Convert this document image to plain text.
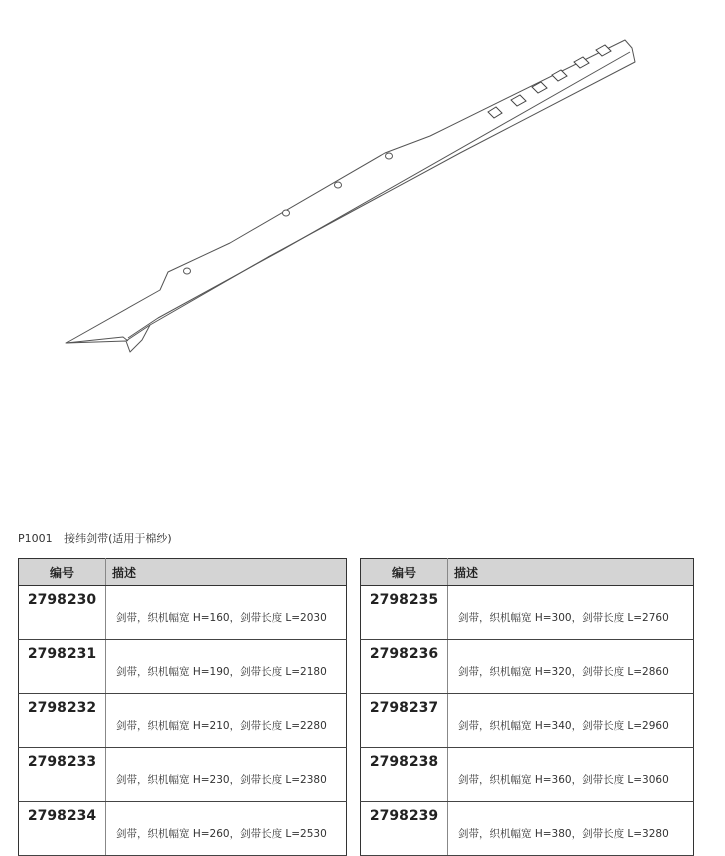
P1001 接纬剑带(适用于棉纱)
编号	描述
2798230	剑带，织机幅宽 H=160，剑带长度 L=2030
2798231	剑带，织机幅宽 H=190，剑带长度 L=2180
2798232	剑带，织机幅宽 H=210，剑带长度 L=2280
2798233	剑带，织机幅宽 H=230，剑带长度 L=2380
2798234	剑带，织机幅宽 H=260，剑带长度 L=2530
编号	描述
2798235	剑带，织机幅宽 H=300，剑带长度 L=2760
2798236	剑带，织机幅宽 H=320，剑带长度 L=2860
2798237	剑带，织机幅宽 H=340，剑带长度 L=2960
2798238	剑带，织机幅宽 H=360，剑带长度 L=3060
2798239	剑带，织机幅宽 H=380，剑带长度 L=3280
